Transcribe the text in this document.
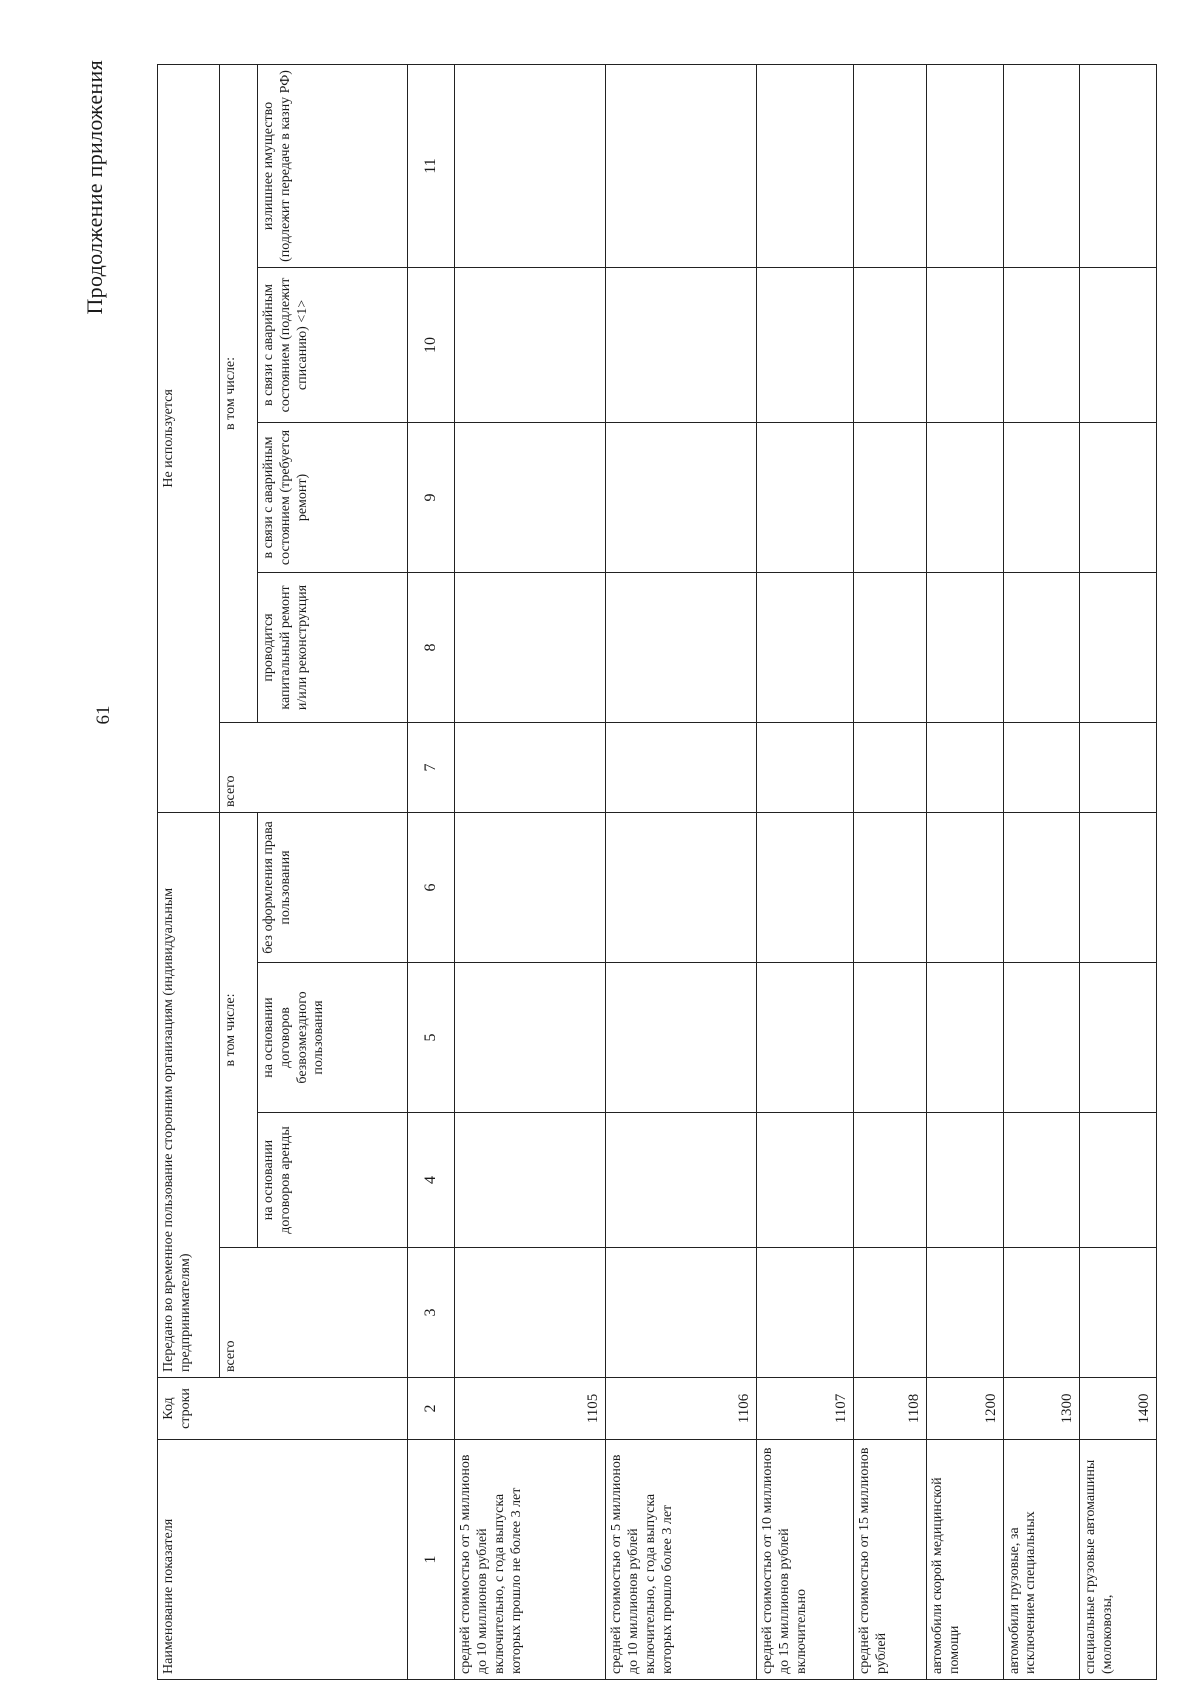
61
Продолжение приложения
Наименование показателя	Код строки	Передано во временное пользование сторонним организациям (индивидуальным предпринимателям)				Не используется				
		всего	в том числе:			всего	в том числе:			
			на основании договоров аренды	на основании договоров безвозмездного пользования	без оформления права пользования		проводится капитальный ремонт и/или реконструкция	в связи с аварийным состоянием (требуется ремонт)	в связи с аварийным состоянием (подлежит списанию) <1>	излишнее имущество (подлежит передаче в казну РФ)
1	2	3	4	5	6	7	8	9	10	11
средней стоимостью от 5 миллионов до 10 миллионов рублей включительно, с года выпуска которых прошло не более 3 лет	1105									
средней стоимостью от 5 миллионов до 10 миллионов рублей включительно, с года выпуска которых прошло более 3 лет	1106									
средней стоимостью от 10 миллионов до 15 миллионов рублей включительно	1107									
средней стоимостью от 15 миллионов рублей	1108									
автомобили скорой медицинской помощи	1200									
автомобили грузовые, за исключением специальных	1300									
специальные грузовые автомашины (молоковозы,	1400									
